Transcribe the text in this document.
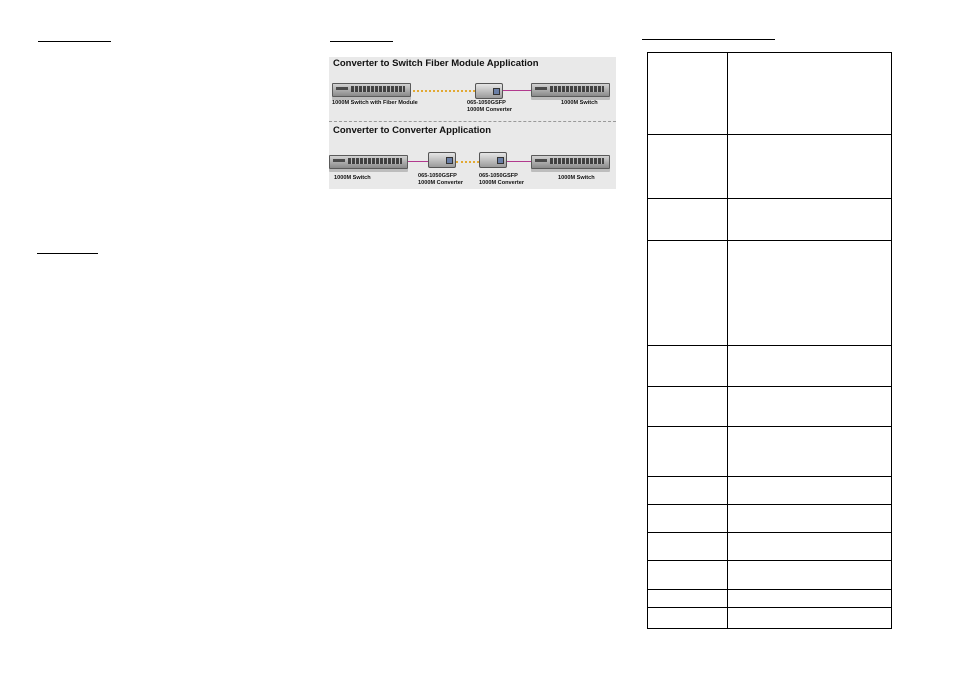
Converter to Switch Fiber Module Application
1000M Switch with Fiber Module	065-1050GSFP
1000M Converter
1000M Switch
Converter to Converter Application
1000M Switch	065-1050GSFP
1000M Converter
065-1050GSFP
1000M Converter
1000M Switch
